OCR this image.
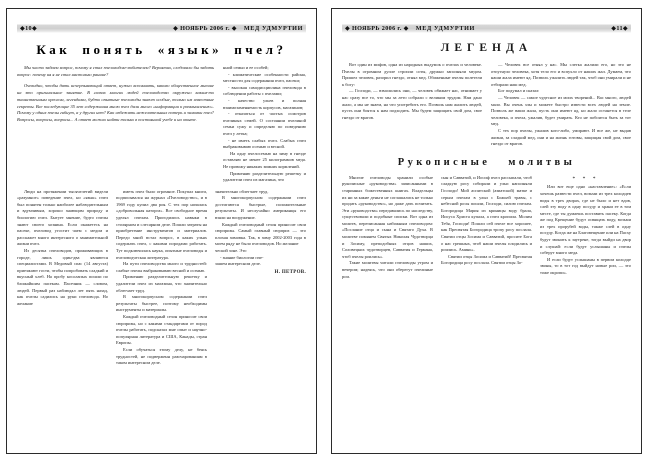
◆10◆	◆ НОЯБРЬ 2006 г. ◆	МЕД УДМУРТИИ
Как понять «язык» пчел?

Мы часто задаем вопрос, почему я стал пчеловодом-любителем? Вероятно, следовало бы задать вопрос: почему ия я не стал настолько ранние?

Очевидно, чтобы дать исчерпывающий ответ, нужно вспомнить, каково общественное мнение на это оригинальное занятие. В глазах многих людей пчеловодство окружено каким-то таинственным ореолом, легендами, будто опытные пчеловоды знают особые, только им известные секреты. Все последующие 35 лет содержания мною пчел дали много «информации к размышлению». Почему у одних пчелы гибнут, а у других нет? Как избежать нежелательных потерь и зимовки пчел? Вопросы, вопросы, вопросы... А ответ можно найти только в постоянной учебе и на опыте.

нной семьи и ее особей;

- климатические особенности района, местности для содержания пчел, пасеки;

- высокая самодисциплина пчеловода в соблюдении работы с пчелами;

- качество ульев и полная взаимозаменяемость корпусов, магазинов;

- отказаться от частых осмотров пчелиных семей. О состоянии пчелиной семьи сужу и определяю по поведению пчел у летка;

- не иметь слабых пчел. Слабых пчел выбраковываю осенью и весной.

На одну пчелосемью на зиму в гнезде оставляю не менее 25 килограммов меда. Не провожу никаких зимних кормлений.

Применяю разделительную решетку и удалители пчел из магазина, что

Люди на протяжении тысячелетий видели «разумное» поведение пчел, но «язык» пчел был понятен только наиболее наблюдательным и вдумчивым, хорошо знающим природу и биологию пчел. Бытует мнение, будто пчелы знают своего хозяина. Если окажетесь на пасеке, пчеловод угостит чаем с медом и расскажет много интересного о занимательной жизни пчел.

Из десятка пчеловодов, проживающих в городе, лишь один-два являются специалистами. В Медовый спас (14 августа) приезжают гости, чтобы попробовать сладкий и вкусный хлеб. На пробу косолапых пошли по ближайшим пасекам. Пасечник — словом, людей. Первый раз наблюдал лет пять назад, как пчелы садились на руки пчеловода. Но желание

иметь пчел было огромное. Покупал книги, подписывался на журнал «Пчеловодство», и в 1969 году купил два роя. С тех пор началась «добровольная каторга». Все свободное время уделял пчелам. Пригодились навыки в столярном и слесарном деле. Пошли затраты на приобретение инструментов и материалов. Передо мной встал вопрос, в каких ульях содержать пчел, с какими породами работать. Тут подключилась наука, опытные пчеловоды и пчеловодческая литература.

На пути пчеловодства много и трудностей: слабые пчелы выбраковываю весной и осенью.

Применяю разделительную решетку и удалители пчел из магазина, что значительно облегчает труд.

В многокорпусном содержании пчел результаты быстрее, поэтому необходимы инструменты и материалы.

Каждый пчеловодный сезон приносит свои сюрпризы, но с какими стандартами от пород пчелы работать, подсказал мне опыт и научно-популярная литература и США, Канады, стран Европы.

Если обучаться этому делу, не беясь трудностей, не подверженн разочарованиям в таком интересном деле.

значительно облегчает труд.

В многокорпусном содержании пчел достигаются быстрые, положительные результаты. И неслучайно американцы его взяли на вооружение.

Каждый пчеловодный сезон приносит свои сюрпризы. Самый главный сюрприз — это плохая зимовка. Так, в зиму 2002-2003 года в моем ряду не было пчеловодов. Но желание

ческой зоне. Это

- знание биологии пче-

зашем интересном деле.

Н. ПЕТРОВ.
◆ НОЯБРЬ 2006 г. ◆	МЕД УДМУРТИИ	◆11◆
ЛЕГЕНДА

Вот один из мифов, одна из народных выдумок о пчелах и человеке. Пчелы в огромном дупле строили соты, дружно заполняли медом. Пришел человек, разорил гнездо, отнял мед. Обиженные пчелы полетели к богу:

— Господи, — взмолились они, — человек обижает нас, отнимает у нас сразу все то, что мы за лето собрали с великим трудом. Нам дано жало, а мы не знаем, на что употребить его. Позволь нам жалить людей, пусть они боятся к нам подходить. Мы будем защищать свой дом, свое гнездо от врагов.

— Человек все отнял у нас. Мы слегка жалили его, но это не отпугнуло человека, хотя тело его и вспухло от наших жал. Думаем, что наши жала имеют яд. Позволь ужалить людей так, чтоб они умирали и не отбирали наш мед.

Бог подумал и сказал:

— Человек — самое чудесное из моих творений... Вас много, людей мало. Вы очень злы и можете быстро извести всех людей на земле. Позволь же ваши жала, пусть они имеют яд, но жало останется в теле человека, и пчела, ужалив, будет умирать. Кто не побоится быть за тот мед.

С тех пор пчелы, ужалив кого-либо, умирают. И все же, не выдав жизни, за сладкий мед, они и на жизнь готовы, защищая свой дом, свое гнездо от врагов.

Рукописные молитвы

Многие пчеловоды хранили особые рукописные «руководства» записанными в старинных божественных книгах. Владельцы их ни за какие деньги не соглашались не только продать «руководство», но даже дать почитать. Эти «руководства» передавались по наследству, существовали и подобные списки. Вот одна из молитв, переписанная набожным пчеловодом: «Послание отца и сына и Святаго Духа. В молитве помянем Святых Николая Чудотворца и Зосиму, преподобных отцов наших, Соловецких чудотворцев, Савватия и Германа, чтоб пчелы роились».

Такие молитвы читали пчеловоды утром и вечером; надеясь, что они оберегут пчелиные рои.

сын и Савватий, и Иосиф пчел рассыпали, чтоб сладкую росу собирали и ульи наполняли Господи! Мой аспитской (азиатской) матке и серым пчелам в ульи с Божьей травы, с небесной росы пошли, Господи, силою пчелам. Богородица Мария из криницы воду брала, Иисуса Христа купала, а пчел кропила. Молим Тебя, Господи! Пошли сей пчеле все хорошее, как Пресвятая Богородица тропу росу послала. Святии отцы Зосима и Савватий, просите Бога о нас грешных, чтоб наши пчелы плодились и роились. Аминь».

Святии отцы Зосима и Савватий! Пресвятая Богородица росу послала. Святии отцы Зо-

* * *

Или вот еще одно «наставление»: «Если хочешь развести пчел, возьми из трех колодцев воды в трех дворах, где не было и нет вдов, слей эту воду в одну посуду и храни ее в том месте, где ты думаешь поставить пасеку. Когда же под Крещение будут освящать воду, возьми из трех прорубей воды, также слей в одну посуду. Когда же на Благовещение или на Пасху будут звонить к заутрене, тогда выйди на двор и слушай: если будут услышаны и пчелы соберут много меда.

И если будут услышаны в первом колодце звоны, то в тот год выйдут новые рои, — это тоже окропи».
